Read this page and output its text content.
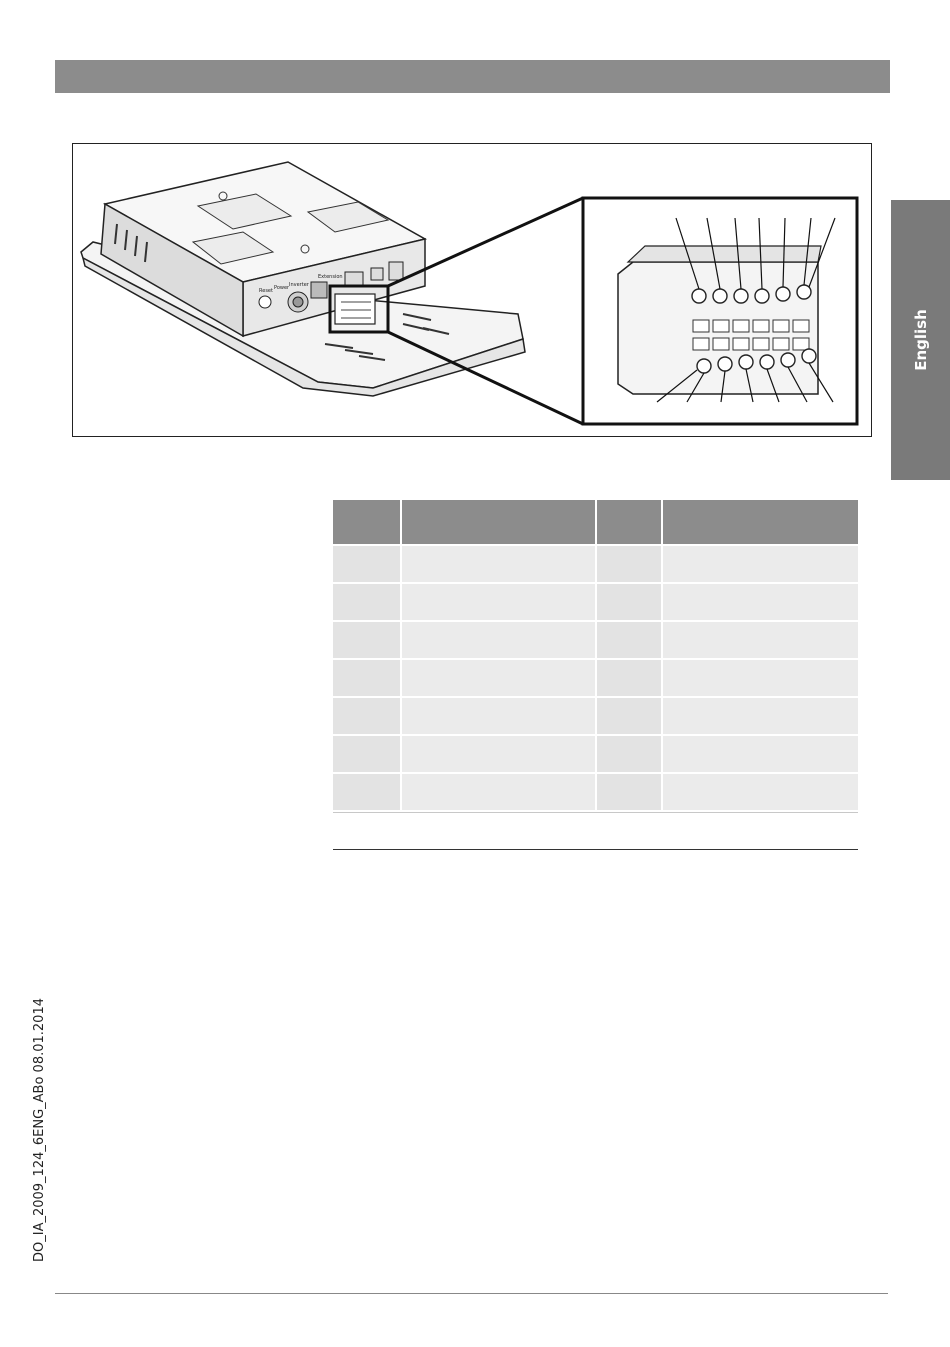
English
Reset Power Inverter
Extension

DO_IA_2009_124_6ENG_ABo 08.01.2014
